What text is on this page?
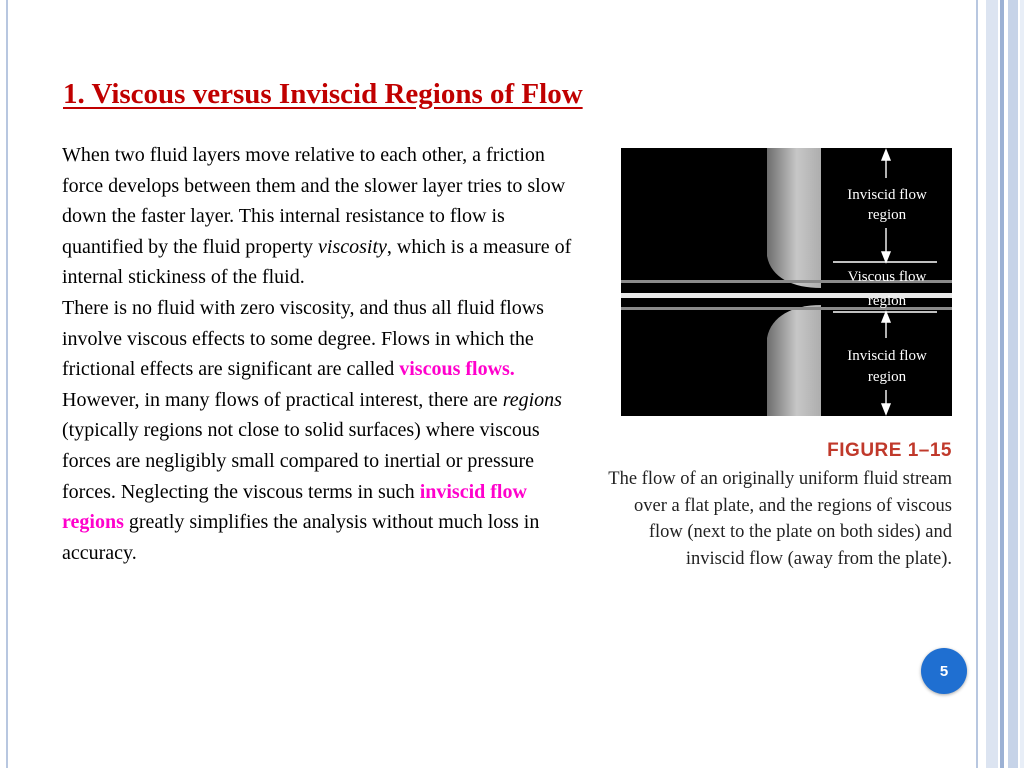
1. Viscous versus Inviscid Regions of Flow

When two fluid layers move relative to each other, a friction force develops between them and the slower layer tries to slow down the faster layer. This internal resistance to flow is quantified by the fluid property viscosity, which is a measure of internal stickiness of the fluid.

There is no fluid with zero viscosity, and thus all fluid flows involve viscous effects to some degree. Flows in which the frictional effects are significant are called viscous flows.

However, in many flows of practical interest, there are regions (typically regions not close to solid surfaces) where viscous forces are negligibly small compared to inertial or pressure forces. Neglecting the viscous terms in such inviscid flow regions greatly simplifies the analysis without much loss in accuracy.

Inviscid flow
region
Viscous flow
region
Inviscid flow
region
FIGURE 1–15
The flow of an originally uniform fluid stream over a flat plate, and the regions of viscous flow (next to the plate on both sides) and inviscid flow (away from the plate).
5
